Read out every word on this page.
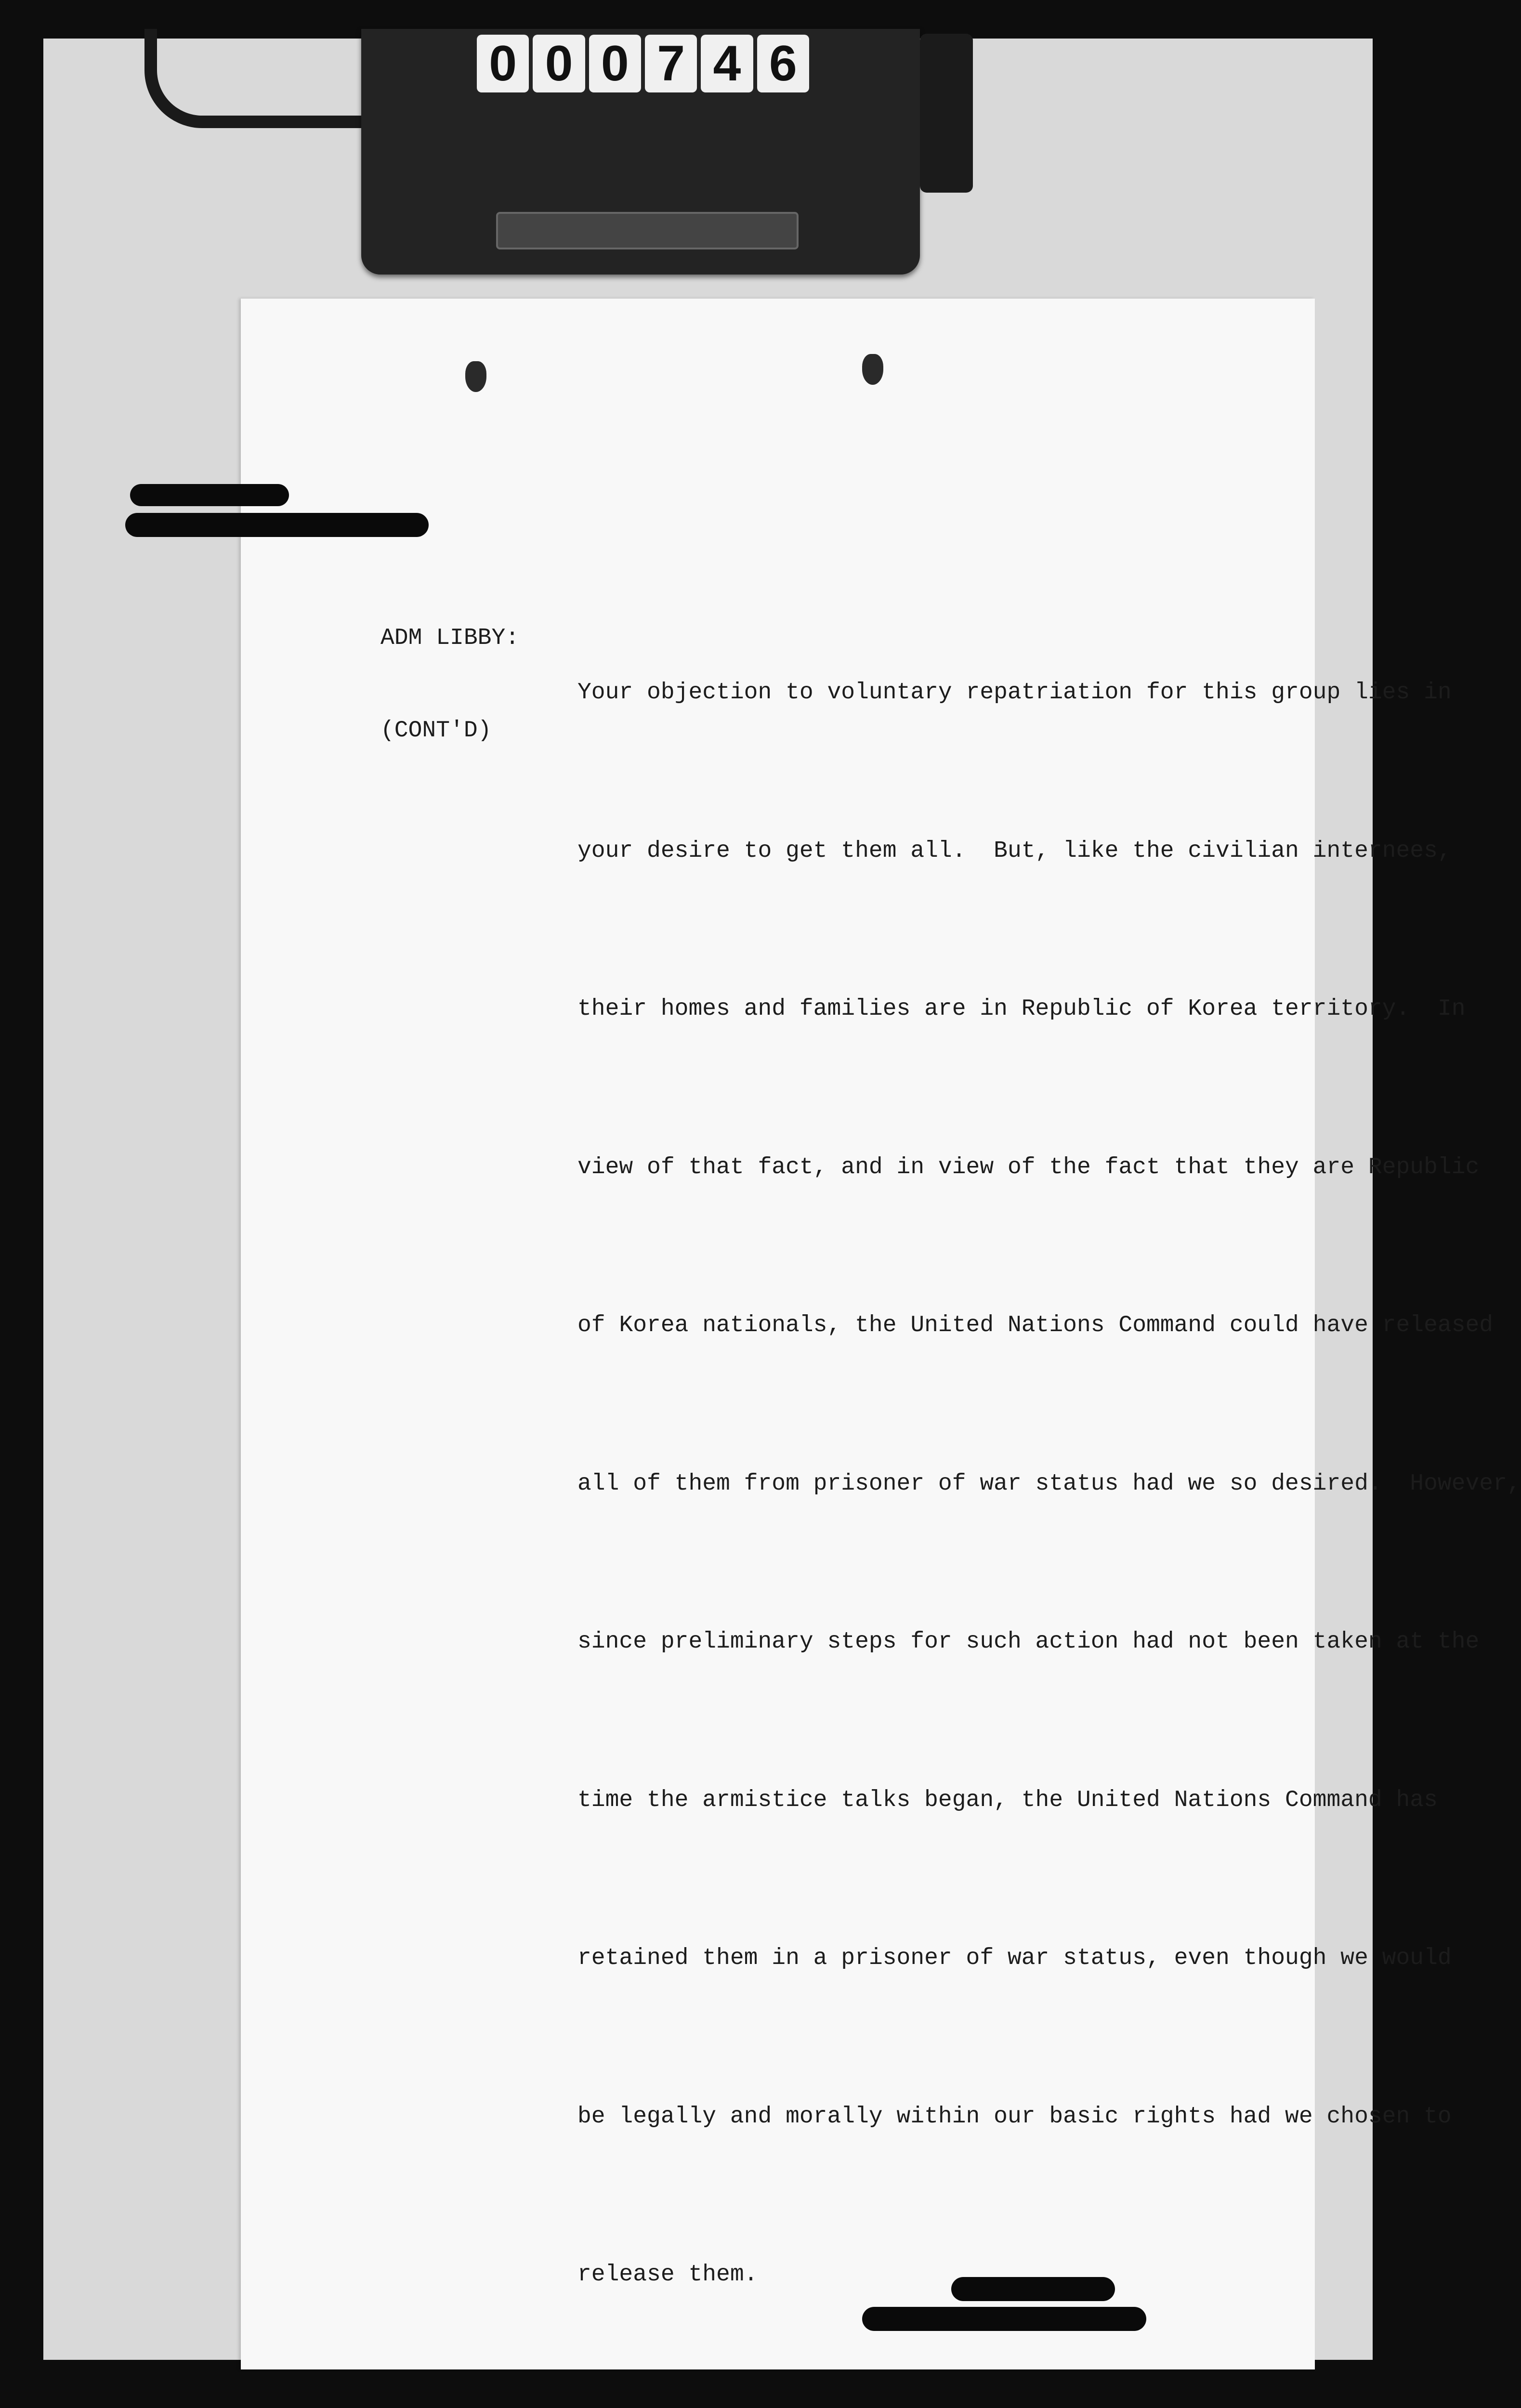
0 0 0 7 4 6

ADM LIBBY:

(CONT'D)

Your objection to voluntary repatriation for this group lies in

your desire to get them all.  But, like the civilian internees,

their homes and families are in Republic of Korea territory.  In

view of that fact, and in view of the fact that they are Republic

of Korea nationals, the United Nations Command could have released

all of them from prisoner of war status had we so desired.  However,

since preliminary steps for such action had not been taken at the

time the armistice talks began, the United Nations Command has

retained them in a prisoner of war status, even though we would

be legally and morally within our basic rights had we chosen to

release them.
